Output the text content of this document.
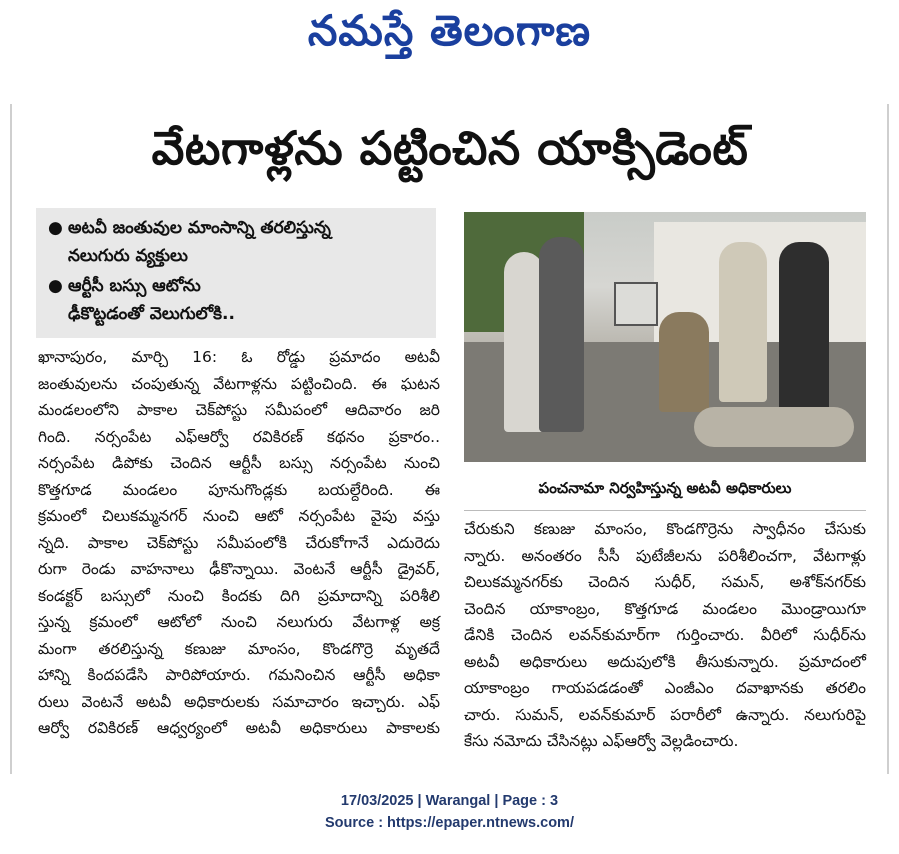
నమస్తే తెలంగాణ
వేటగాళ్లను పట్టించిన యాక్సిడెంట్
● అటవీ జంతువుల మాంసాన్ని తరలిస్తున్న
నలుగురు వ్యక్తులు
● ఆర్టీసీ బస్సు ఆటోను
ఢీకొట్టడంతో వెలుగులోకి..
పంచనామా నిర్వహిస్తున్న అటవీ అధికారులు

ఖానాపురం, మార్చి 16: ఓ రోడ్డు ప్రమాదం అటవీ

జంతువులను చంపుతున్న వేటగాళ్లను పట్టించింది. ఈ ఘటన

మండలంలోని పాకాల చెక్‌పోస్టు సమీపంలో ఆదివారం జరి

గింది. నర్సంపేట ఎఫ్ఆర్వో రవికిరణ్ కథనం ప్రకారం..

నర్సంపేట డిపోకు చెందిన ఆర్టీసీ బస్సు నర్సంపేట నుంచి

కొత్తగూడ మండలం పూనుగొండ్లకు బయల్దేరింది. ఈ

క్రమంలో చిలుకమ్మనగర్ నుంచి ఆటో నర్సంపేట వైపు వస్తు

న్నది. పాకాల చెక్‌పోస్టు సమీపంలోకి చేరుకోగానే ఎదురెదు

రుగా రెండు వాహనాలు ఢీకొన్నాయి. వెంటనే ఆర్టీసీ డ్రైవర్,

కండక్టర్ బస్సులో నుంచి కిందకు దిగి ప్రమాదాన్ని పరిశీలి

స్తున్న క్రమంలో ఆటోలో నుంచి నలుగురు వేటగాళ్ల అక్ర

మంగా తరలిస్తున్న కణుజు మాంసం, కొండగొర్రె మృతదే

హాన్ని కిందపడేసి పారిపోయారు. గమనించిన ఆర్టీసీ అధికా

రులు వెంటనే అటవీ అధికారులకు సమాచారం ఇచ్చారు. ఎఫ్

ఆర్వో రవికిరణ్ ఆధ్వర్యంలో అటవీ అధికారులు పాకాలకు

చేరుకుని కణుజు మాంసం, కొండగొర్రెను స్వాధీనం చేసుకు

న్నారు. అనంతరం సీసీ పుటేజీలను పరిశీలించగా, వేటగాళ్లు

చిలుకమ్మనగర్‌కు చెందిన సుధీర్, సమన్, అశోక్‌నగర్‌కు

చెందిన యాకాంబ్రం, కొత్తగూడ మండలం మొండ్రాయిగూ

డేనికి చెందిన లవన్‌కుమార్‌గా గుర్తించారు. వీరిలో సుధీర్‌ను

అటవీ అధికారులు అదుపులోకి తీసుకున్నారు. ప్రమాదంలో

యాకాంబ్రం గాయపడడంతో ఎంజీఎం దవాఖానకు తరలిం

చారు. సుమన్, లవన్‌కుమార్ పరారీలో ఉన్నారు. నలుగురిపై

కేసు నమోదు చేసినట్లు ఎఫ్ఆర్వో వెల్లడించారు.

17/03/2025 | Warangal | Page : 3
Source : https://epaper.ntnews.com/
